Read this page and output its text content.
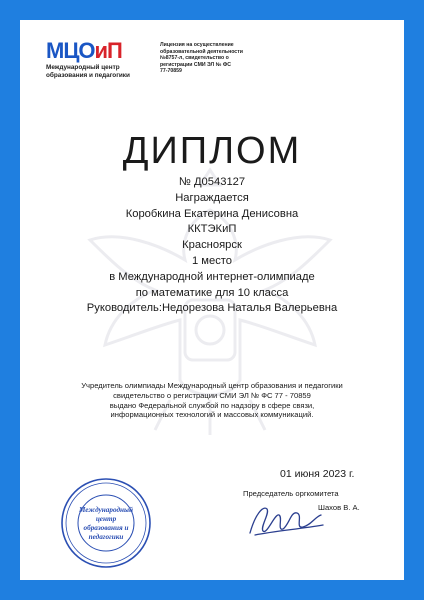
МЦОиП
Международный центр
образования и педагогики
Лицензия на осуществление
образовательной деятельности
№8757-л, свидетельство о
регистрации СМИ ЭЛ № ФС
77-70859
ДИПЛОМ
№ Д0543127
Награждается
Коробкина Екатерина Денисовна
ККТЭКиП
Красноярск
1 место
в Международной интернет-олимпиаде
по математике для 10 класса
Руководитель:Недорезова Наталья Валерьевна
Учредитель олимпиады Международный центр образования и педагогики
свидетельство о регистрации СМИ ЭЛ № ФС 77 - 70859
выдано Федеральной службой по надзору в сфере связи,
информационных технологий и массовых коммуникаций.
01 июня 2023 г.
Председатель оргкомитета
Шахов В. А.
Международный
центр
образования и
педагогики
